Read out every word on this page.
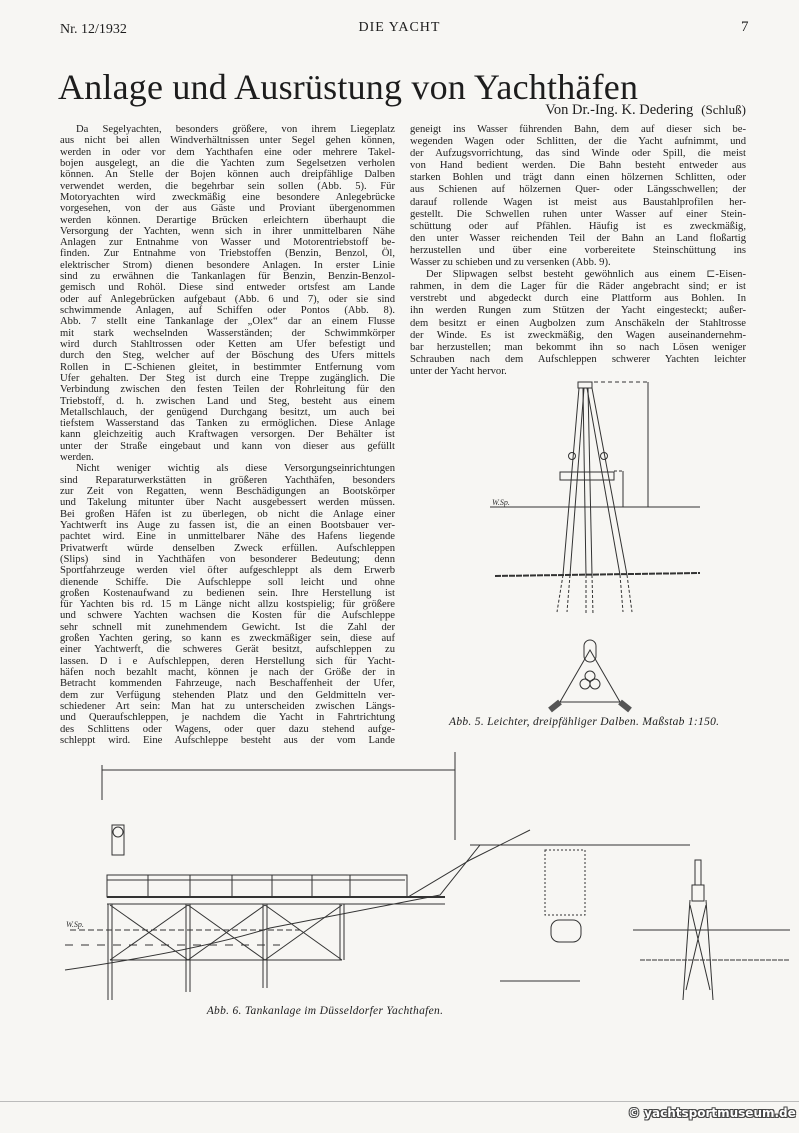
Nr. 12/1932	DIE YACHT	7
Anlage und Ausrüstung von Yachthäfen
Von Dr.-Ing. K. Dedering (Schluß)
Da Segelyachten, besonders größere, von ihrem Liegeplatz
aus nicht bei allen Windverhältnissen unter Segel gehen können,
werden in oder vor dem Yachthafen eine oder mehrere Takel-
bojen ausgelegt, an die die Yachten zum Segelsetzen verholen
können. An Stelle der Bojen können auch dreipfählige Dalben
verwendet werden, die begehrbar sein sollen (Abb. 5). Für
Motoryachten wird zweckmäßig eine besondere Anlegebrücke
vorgesehen, von der aus Gäste und Proviant übergenommen
werden können. Derartige Brücken erleichtern überhaupt die
Versorgung der Yachten, wenn sich in ihrer unmittelbaren Nähe
Anlagen zur Entnahme von Wasser und Motorentriebstoff be-
finden. Zur Entnahme von Triebstoffen (Benzin, Benzol, Öl,
elektrischer Strom) dienen besondere Anlagen. In erster Linie
sind zu erwähnen die Tankanlagen für Benzin, Benzin-Benzol-
gemisch und Rohöl. Diese sind entweder ortsfest am Lande
oder auf Anlegebrücken aufgebaut (Abb. 6 und 7), oder sie sind
schwimmende Anlagen, auf Schiffen oder Pontos (Abb. 8).
Abb. 7 stellt eine Tankanlage der „Olex“ dar an einem Flusse
mit stark wechselnden Wasserständen; der Schwimmkörper
wird durch Stahltrossen oder Ketten am Ufer befestigt und
durch den Steg, welcher auf der Böschung des Ufers mittels
Rollen in ⊏-Schienen gleitet, in bestimmter Entfernung vom
Ufer gehalten. Der Steg ist durch eine Treppe zugänglich. Die
Verbindung zwischen den festen Teilen der Rohrleitung für den
Triebstoff, d. h. zwischen Land und Steg, besteht aus einem
Metallschlauch, der genügend Durchgang besitzt, um auch bei
tiefstem Wasserstand das Tanken zu ermöglichen. Diese Anlage
kann gleichzeitig auch Kraftwagen versorgen. Der Behälter ist
unter der Straße eingebaut und kann von dieser aus gefüllt
werden.
Nicht weniger wichtig als diese Versorgungseinrichtungen
sind Reparaturwerkstätten in größeren Yachthäfen, besonders
zur Zeit von Regatten, wenn Beschädigungen an Bootskörper
und Takelung mitunter über Nacht ausgebessert werden müssen.
Bei großen Häfen ist zu überlegen, ob nicht die Anlage einer
Yachtwerft ins Auge zu fassen ist, die an einen Bootsbauer ver-
pachtet wird. Eine in unmittelbarer Nähe des Hafens liegende
Privatwerft würde denselben Zweck erfüllen. Aufschleppen
(Slips) sind in Yachthäfen von besonderer Bedeutung; denn
Sportfahrzeuge werden viel öfter aufgeschleppt als dem Erwerb
dienende Schiffe. Die Aufschleppe soll leicht und ohne
großen Kostenaufwand zu bedienen sein. Ihre Herstellung ist
für Yachten bis rd. 15 m Länge nicht allzu kostspielig; für größere
und schwere Yachten wachsen die Kosten für die Aufschleppe
sehr schnell mit zunehmendem Gewicht. Ist die Zahl der
großen Yachten gering, so kann es zweckmäßiger sein, diese auf
einer Yachtwerft, die schweres Gerät besitzt, aufschleppen zu
lassen. D i e Aufschleppen, deren Herstellung sich für Yacht-
häfen noch bezahlt macht, können je nach der Größe der in
Betracht kommenden Fahrzeuge, nach Beschaffenheit der Ufer,
dem zur Verfügung stehenden Platz und den Geldmitteln ver-
schiedener Art sein: Man hat zu unterscheiden zwischen Längs-
und Queraufschleppen, je nachdem die Yacht in Fahrtrichtung
des Schlittens oder Wagens, oder quer dazu stehend aufge-
schleppt wird. Eine Aufschleppe besteht aus der vom Lande
geneigt ins Wasser führenden Bahn, dem auf dieser sich be-
wegenden Wagen oder Schlitten, der die Yacht aufnimmt, und
der Aufzugsvorrichtung, das sind Winde oder Spill, die meist
von Hand bedient werden. Die Bahn besteht entweder aus
starken Bohlen und trägt dann einen hölzernen Schlitten, oder
aus Schienen auf hölzernen Quer- oder Längsschwellen; der
darauf rollende Wagen ist meist aus Baustahlprofilen her-
gestellt. Die Schwellen ruhen unter Wasser auf einer Stein-
schüttung oder auf Pfählen. Häufig ist es zweckmäßig,
den unter Wasser reichenden Teil der Bahn an Land floßartig
herzustellen und über eine vorbereitete Steinschüttung ins
Wasser zu schieben und zu versenken (Abb. 9).
Der Slipwagen selbst besteht gewöhnlich aus einem ⊏-Eisen-
rahmen, in dem die Lager für die Räder angebracht sind; er ist
verstrebt und abgedeckt durch eine Plattform aus Bohlen. In
ihn werden Rungen zum Stützen der Yacht eingesteckt; außer-
dem besitzt er einen Augbolzen zum Anschäkeln der Stahltrosse
der Winde. Es ist zweckmäßig, den Wagen auseinandernehm-
bar herzustellen; man bekommt ihn so nach Lösen weniger
Schrauben nach dem Aufschleppen schwerer Yachten leichter
unter der Yacht hervor.
W.Sp.
W.Sp.
Abb. 5. Leichter, dreipfähliger Dalben. Maßstab 1:150.
Abb. 6. Tankanlage im Düsseldorfer Yachthafen.
© yachtsportmuseum.de
